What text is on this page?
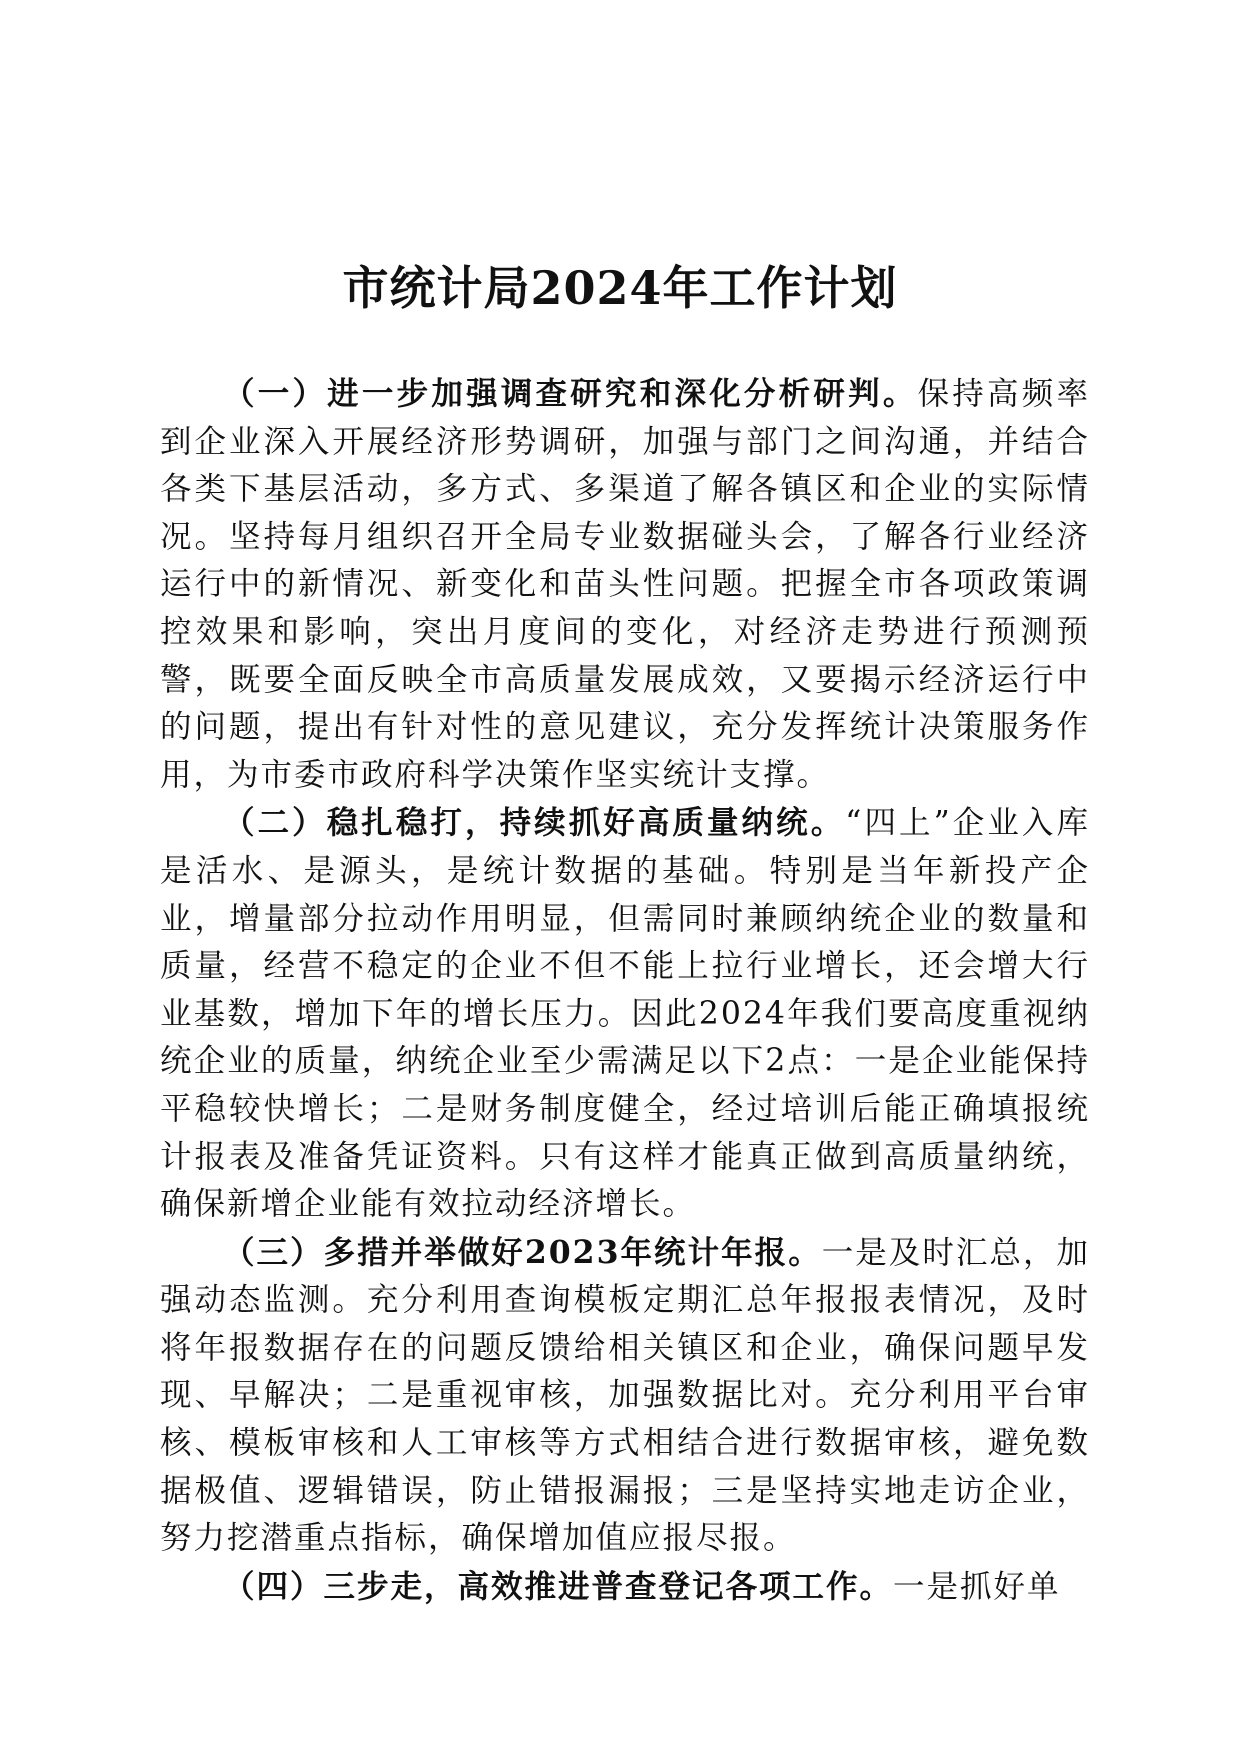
市统计局2024年工作计划

（一）进一步加强调查研究和深化分析研判。保持高频率到企业深入开展经济形势调研，加强与部门之间沟通，并结合各类下基层活动，多方式、多渠道了解各镇区和企业的实际情况。坚持每月组织召开全局专业数据碰头会，了解各行业经济运行中的新情况、新变化和苗头性问题。把握全市各项政策调控效果和影响，突出月度间的变化，对经济走势进行预测预警，既要全面反映全市高质量发展成效，又要揭示经济运行中的问题，提出有针对性的意见建议，充分发挥统计决策服务作用，为市委市政府科学决策作坚实统计支撑。

（二）稳扎稳打，持续抓好高质量纳统。“四上”企业入库是活水、是源头，是统计数据的基础。特别是当年新投产企业，增量部分拉动作用明显，但需同时兼顾纳统企业的数量和质量，经营不稳定的企业不但不能上拉行业增长，还会增大行业基数，增加下年的增长压力。因此2024年我们要高度重视纳统企业的质量，纳统企业至少需满足以下2点：一是企业能保持平稳较快增长；二是财务制度健全，经过培训后能正确填报统计报表及准备凭证资料。只有这样才能真正做到高质量纳统，确保新增企业能有效拉动经济增长。

（三）多措并举做好2023年统计年报。一是及时汇总，加强动态监测。充分利用查询模板定期汇总年报报表情况，及时将年报数据存在的问题反馈给相关镇区和企业，确保问题早发现、早解决；二是重视审核，加强数据比对。充分利用平台审核、模板审核和人工审核等方式相结合进行数据审核，避免数据极值、逻辑错误，防止错报漏报；三是坚持实地走访企业，努力挖潜重点指标，确保增加值应报尽报。

（四）三步走，高效推进普查登记各项工作。一是抓好单
